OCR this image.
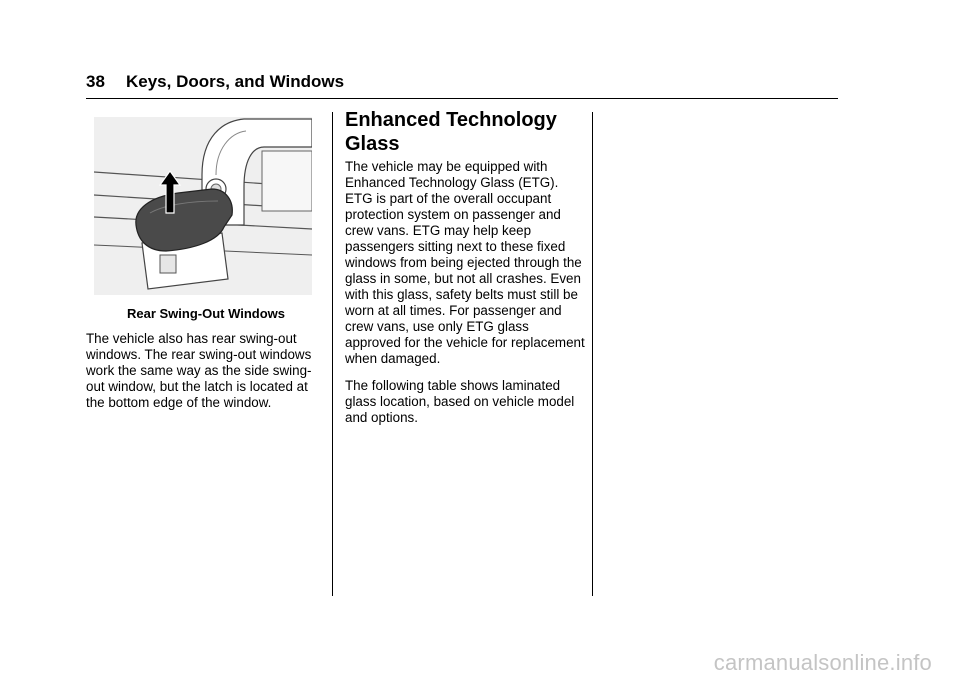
38 Keys, Doors, and Windows
Rear Swing-Out Windows

The vehicle also has rear swing-out windows. The rear swing-out windows work the same way as the side swing-out window, but the latch is located at the bottom edge of the window.

Enhanced Technology Glass

The vehicle may be equipped with Enhanced Technology Glass (ETG). ETG is part of the overall occupant protection system on passenger and crew vans. ETG may help keep passengers sitting next to these fixed windows from being ejected through the glass in some, but not all crashes. Even with this glass, safety belts must still be worn at all times. For passenger and crew vans, use only ETG glass approved for the vehicle for replacement when damaged.

The following table shows laminated glass location, based on vehicle model and options.

carmanualsonline.info
